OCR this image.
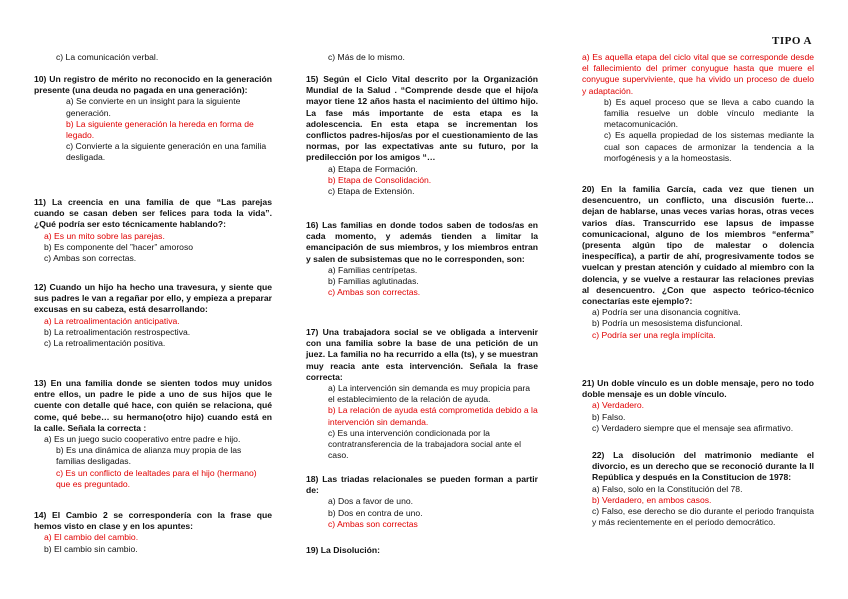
TIPO A

c) La comunicación verbal.

10) Un registro de mérito no reconocido en la generación presente (una deuda no pagada en una generación):

a) Se convierte en un insight para la siguiente generación.

b) La siguiente generación la hereda en forma de legado.

c) Convierte a la siguiente generación en una familia desligada.

11) La creencia en una familia de que “Las parejas cuando se casan deben ser felices para toda la vida”. ¿Qué podría ser esto técnicamente hablando?:

a) Es un mito sobre las parejas.

b) Es componente del ”hacer” amoroso

c) Ambas son correctas.

12) Cuando un hijo ha hecho una travesura, y siente que sus padres le van a regañar por ello, y empieza a preparar excusas en su cabeza, está desarrollando:

a) La retroalimentación anticipativa.

b) La retroalimentación restrospectiva.

c) La retroalimentación positiva.

13) En una familia donde se sienten todos muy unidos entre ellos, un padre le pide a uno de sus hijos que le cuente con detalle qué hace, con quién se relaciona, qué come, qué bebe… su hermano(otro hijo) cuando está en la calle. Señala la correcta :

a) Es un juego sucio cooperativo entre padre e hijo.

b) Es una dinámica de alianza muy propia de las familias desligadas.

c) Es un conflicto de lealtades para el hijo (hermano) que es preguntado.

14) El Cambio 2 se correspondería con la frase que hemos visto en clase y en los apuntes:

a) El cambio del cambio.

b) El cambio sin cambio.

c) Más de lo mismo.

15) Según el Ciclo Vital descrito por la Organización Mundial de la Salud . “Comprende desde que el hijo/a mayor tiene 12 años hasta el nacimiento del último hijo. La fase más importante de esta etapa es la adolescencia. En esta etapa se incrementan los conflictos padres-hijos/as por el cuestionamiento de las normas, por las expectativas ante su futuro, por la predilección por los amigos “…

a) Etapa de Formación.

b) Etapa de Consolidación.

c) Etapa de Extensión.

16) Las familias en donde todos saben de todos/as en cada momento, y además tienden a limitar la emancipación de sus miembros, y los miembros entran y salen de subsistemas que no le corresponden, son:

a) Familias centrípetas.

b) Familias aglutinadas.

c) Ambas son correctas.

17) Una trabajadora social se ve obligada a intervenir con una familia sobre la base de una petición de un juez. La familia no ha recurrido a ella (ts), y se muestran muy reacia ante esta intervención. Señala la frase correcta:

a) La intervención sin demanda es muy propicia para el establecimiento de la relación de ayuda.

b) La relación de ayuda está comprometida debido a la intervención sin demanda.

c) Es una intervención condicionada por la contratransferencia de la trabajadora social ante el caso.

18) Las triadas relacionales se pueden forman a partir de:

a) Dos a favor de uno.

b) Dos en contra de uno.

c) Ambas son correctas

19) La Disolución:

a) Es aquella etapa del ciclo vital que se corresponde desde el fallecimiento del primer conyugue hasta que muere el conyugue superviviente, que ha vivido un proceso de duelo y adaptación.

b) Es aquel proceso que se lleva a cabo cuando la familia resuelve un doble vínculo mediante la metacomunicación.

c) Es aquella propiedad de los sistemas mediante la cual son capaces de armonizar la tendencia a la morfogénesis y a la homeostasis.

20) En la familia García, cada vez que tienen un desencuentro, un conflicto, una discusión fuerte… dejan de hablarse, unas veces varias horas, otras veces varios días. Transcurrido ese lapsus de impasse comunicacional, alguno de los miembros “enferma” (presenta algún tipo de malestar o dolencia inespecífica), a partir de ahí, progresivamente todos se vuelcan y prestan atención y cuidado al miembro con la dolencia, y se vuelve a restaurar las relaciones previas al desencuentro. ¿Con que aspecto teórico-técnico conectarías este ejemplo?:

a) Podría ser una disonancia cognitiva.

b) Podría un mesosistema disfuncional.

c) Podría ser una regla implícita.

21) Un doble vínculo es un doble mensaje, pero no todo doble mensaje es un doble vínculo.

a) Verdadero.

b) Falso.

c) Verdadero siempre que el mensaje sea afirmativo.

22) La disolución del matrimonio mediante el divorcio, es un derecho que se reconoció durante la II República y después en la Constitucion de 1978:

a) Falso, solo en la Constitución del 78.

b) Verdadero, en ambos casos.

c) Falso, ese derecho se dio durante el periodo franquista y más recientemente en el periodo democrático.
